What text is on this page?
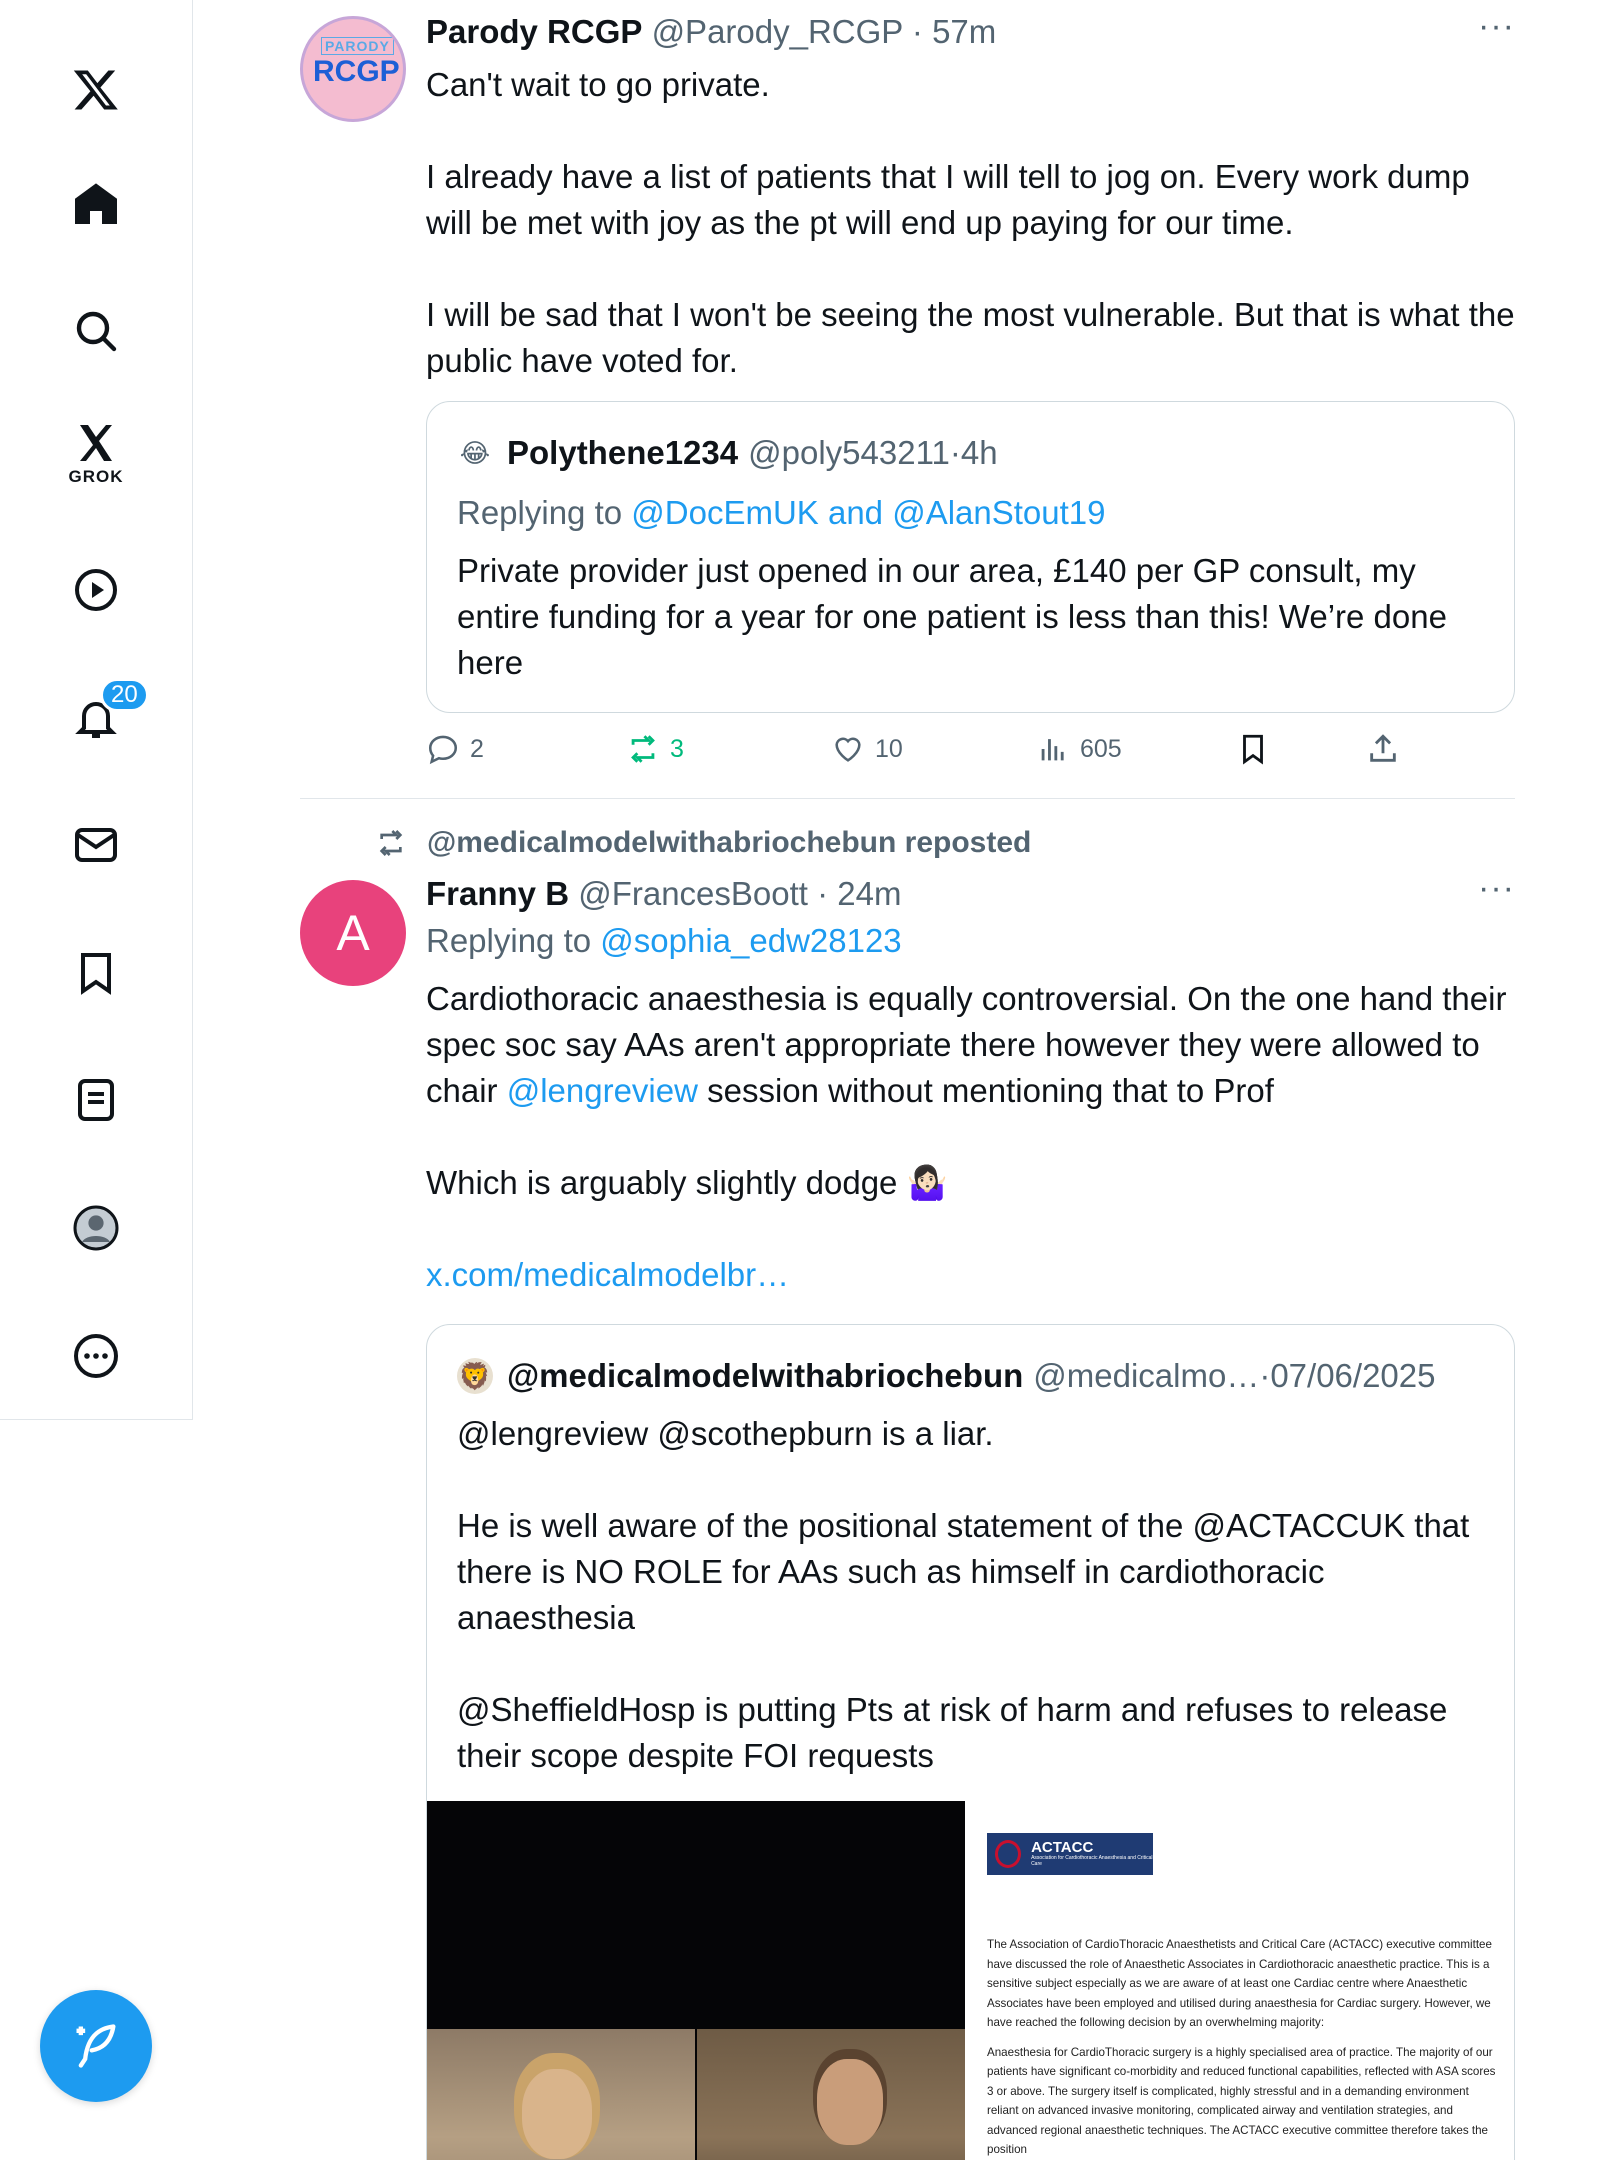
GROK
20
PARODY
RCGP
Parody RCGP @Parody_RCGP · 57m	···
Can't wait to go private.

I already have a list of patients that I will tell to jog on. Every work dump will be met with joy as the pt will end up paying for our time.

I will be sad that I won't be seeing the most vulnerable. But that is what the public have voted for.
😂 Polythene1234 @poly543211 · 4h
Replying to @DocEmUK and @AlanStout19
Private provider just opened in our area, £140 per GP consult, my entire funding for a year for one patient is less than this! We’re done here
2	3	10	605
@medicalmodelwithabriochebun reposted
A
Franny B @FrancesBoott · 24m	···
Replying to @sophia_edw28123
Cardiothoracic anaesthesia is equally controversial. On the one hand their spec soc say AAs aren't appropriate there however they were allowed to chair @lengreview session without mentioning that to Prof

Which is arguably slightly dodge 🤷🏻‍♀️
x.com/medicalmodelbr…
🦁 @medicalmodelwithabriochebun @medicalmo… · 07/06/2025
@lengreview @scothepburn is a liar.

He is well aware of the positional statement of the @ACTACCUK that there is NO ROLE for AAs such as himself in cardiothoracic anaesthesia

@SheffieldHosp is putting Pts at risk of harm and refuses to release their scope despite FOI requests
ACTACC
Association for Cardiothoracic Anaesthesia and Critical Care

The Association of CardioThoracic Anaesthetists and Critical Care (ACTACC) executive committee have discussed the role of Anaesthetic Associates in Cardiothoracic anaesthetic practice. This is a sensitive subject especially as we are aware of at least one Cardiac centre where Anaesthetic Associates have been employed and utilised during anaesthesia for Cardiac surgery. However, we have reached the following decision by an overwhelming majority:

Anaesthesia for CardioThoracic surgery is a highly specialised area of practice. The majority of our patients have significant co-morbidity and reduced functional capabilities, reflected with ASA scores 3 or above. The surgery itself is complicated, highly stressful and in a demanding environment reliant on advanced invasive monitoring, complicated airway and ventilation strategies, and advanced regional anaesthetic techniques. The ACTACC executive committee therefore takes the position
